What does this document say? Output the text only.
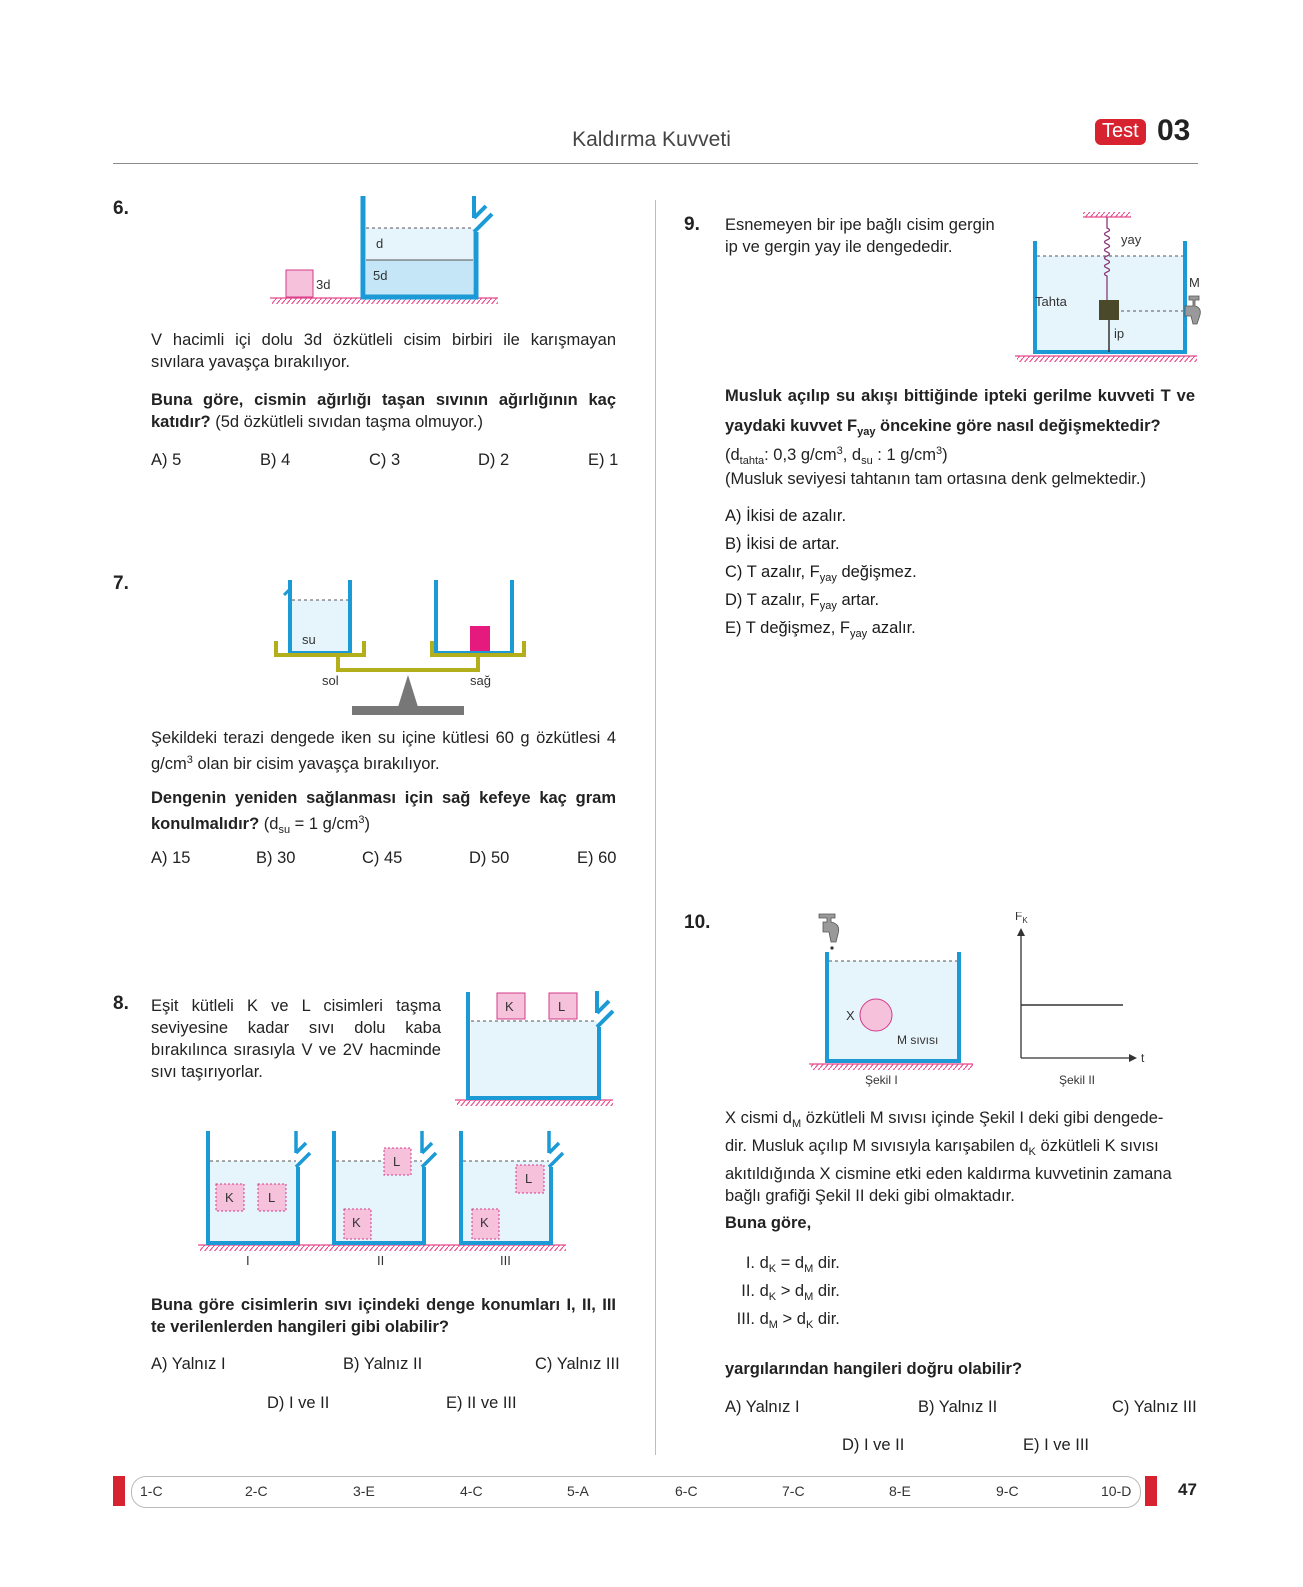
Kaldırma Kuvveti	Test 03
6.
d
5d
3d
V hacimli içi dolu 3d özkütleli cisim birbiri ile karışmayan sıvılara yavaşça bırakılıyor.
Buna göre, cismin ağırlığı taşan sıvının ağırlığının kaç katıdır? (5d özkütleli sıvıdan taşma olmuyor.)
A) 5	B) 4	C) 3	D) 2	E) 1
7.
su
sol	sağ
Şekildeki terazi dengede iken su içine kütlesi 60 g özkütlesi 4 $g/cm^3$ olan bir cisim yavaşça bırakılıyor.
Dengenin yeniden sağlanması için sağ kefeye kaç gram konulmalıdır? ($d_{su} = 1$ $g/cm^3$)
A) 15	B) 30	C) 45	D) 50	E) 60
8. Eşit kütleli K ve L cisimleri taşma seviyesine kadar sıvı dolu kaba bırakılınca sırasıyla V ve 2V hacminde sıvı taşırıyorlar.
K	L
K	L
I
L
K
II
L
K
III
Buna göre cisimlerin sıvı içindeki denge konumları I, II, III te verilenlerden hangileri gibi olabilir?
A) Yalnız I	B) Yalnız II	C) Yalnız III
D) I ve II	E) II ve III
9. Esnemeyen bir ipe bağlı cisim gergin ip ve gergin yay ile dengededir.	yay
Tahta
ip
M
Musluk açılıp su akışı bittiğinde ipteki gerilme kuvveti T ve yaydaki kuvvet $F_{yay}$ öncekine göre nasıl değişmektedir?
($d_{tahta}$: 0,3 $g/cm^3$, $d_{su}$ : 1 $g/cm^3$)
(Musluk seviyesi tahtanın tam ortasına denk gelmektedir.)
A) İkisi de azalır.
B) İkisi de artar.
C) T azalır, $F_{yay}$ değişmez.
D) T azalır, $F_{yay}$ artar.
E) T değişmez, $F_{yay}$ azalır.
10.
X
M sıvısı
Şekil I
$F_K$
t
Şekil II
X cismi $d_M$ özkütleli M sıvısı içinde Şekil I deki gibi dengede-
dir. Musluk açılıp M sıvısıyla karışabilen $d_K$ özkütleli K sıvısı
akıtıldığında X cismine etki eden kaldırma kuvvetinin zamana
bağlı grafiği Şekil II deki gibi olmaktadır.
Buna göre,
I. $d_K = d_M$ dir.
II. $d_K > d_M$ dir.
III. $d_M > d_K$ dir.
yargılarından hangileri doğru olabilir?
A) Yalnız I	B) Yalnız II	C) Yalnız III
D) I ve II	E) I ve III
1-C	2-C	3-E	4-C	5-A	6-C	7-C	8-E	9-C	10-D	47
